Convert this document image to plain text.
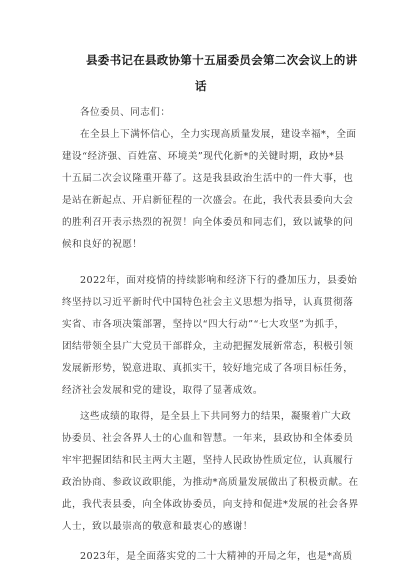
县委书记在县政协第十五届委员会第二次会议上的讲
话
各位委员、同志们：
在全县上下满怀信心，全力实现高质量发展，建设幸福*，全面
建设“经济强、百姓富、环境美”现代化新*的关键时期，政协*县
十五届二次会议隆重开幕了。这是我县政治生活中的一件大事，也
是站在新起点、开启新征程的一次盛会。在此，我代表县委向大会
的胜利召开表示热烈的祝贺！向全体委员和同志们，致以诚挚的问
候和良好的祝愿！
2022年，面对疫情的持续影响和经济下行的叠加压力，县委始
终坚持以习近平新时代中国特色社会主义思想为指导，认真贯彻落
实省、市各项决策部署，坚持以“四大行动”“七大攻坚”为抓手，
团结带领全县广大党员干部群众，主动把握发展新常态，积极引领
发展新形势，锐意进取、真抓实干，较好地完成了各项目标任务，
经济社会发展和党的建设，取得了显著成效。
这些成绩的取得，是全县上下共同努力的结果，凝聚着广大政
协委员、社会各界人士的心血和智慧。一年来，县政协和全体委员
牢牢把握团结和民主两大主题，坚持人民政协性质定位，认真履行
政治协商、参政议政职能，为推动*高质量发展做出了积极贡献。在
此，我代表县委，向全体政协委员，向支持和促进*发展的社会各界
人士，致以最崇高的敬意和最衷心的感谢！
2023年，是全面落实党的二十大精神的开局之年，也是*高质
